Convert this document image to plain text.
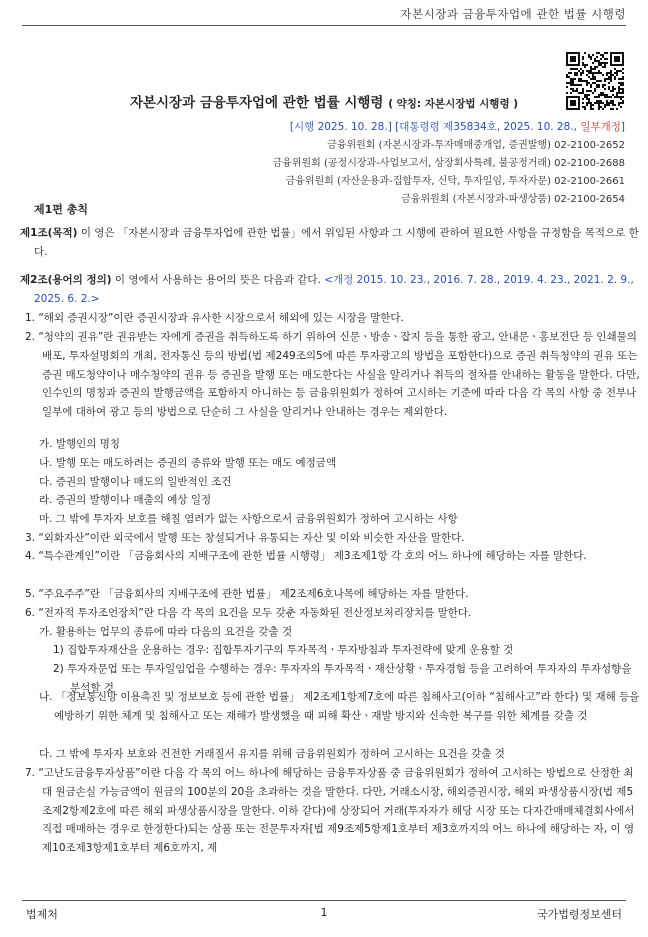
자본시장과 금융투자업에 관한 법률 시행령
자본시장과 금융투자업에 관한 법률 시행령 ( 약칭: 자본시장법 시행령 )
[시행 2025. 10. 28.] [대통령령 제35834호, 2025. 10. 28., 일부개정]
금융위원회 (자본시장과-투자매매중개업, 증권발행) 02-2100-2652
금융위원회 (공정시장과-사업보고서, 상장회사특례, 불공정거래) 02-2100-2688
금융위원회 (자산운용과-집합투자, 신탁, 투자일임, 투자자문) 02-2100-2661
금융위원회 (자본시장과-파생상품) 02-2100-2654
제1편 총칙
제1조(목적) 이 영은 「자본시장과 금융투자업에 관한 법률」에서 위임된 사항과 그 시행에 관하여 필요한 사항을 규정함을 목적으로 한다.
제2조(용어의 정의) 이 영에서 사용하는 용어의 뜻은 다음과 같다. <개정 2015. 10. 23., 2016. 7. 28., 2019. 4. 23., 2021. 2. 9., 2025. 6. 2.>
1. “해외 증권시장”이란 증권시장과 유사한 시장으로서 해외에 있는 시장을 말한다.
2. “청약의 권유”란 권유받는 자에게 증권을 취득하도록 하기 위하여 신문ㆍ방송ㆍ잡지 등을 통한 광고, 안내문ㆍ홍보전단 등 인쇄물의 배포, 투자설명회의 개최, 전자통신 등의 방법(법 제249조의5에 따른 투자광고의 방법을 포함한다)으로 증권 취득청약의 권유 또는 증권 매도청약이나 매수청약의 권유 등 증권을 발행 또는 매도한다는 사실을 알리거나 취득의 절차를 안내하는 활동을 말한다. 다만, 인수인의 명칭과 증권의 발행금액을 포함하지 아니하는 등 금융위원회가 정하여 고시하는 기준에 따라 다음 각 목의 사항 중 전부나 일부에 대하여 광고 등의 방법으로 단순히 그 사실을 알리거나 안내하는 경우는 제외한다.
가. 발행인의 명칭
나. 발행 또는 매도하려는 증권의 종류와 발행 또는 매도 예정금액
다. 증권의 발행이나 매도의 일반적인 조건
라. 증권의 발행이나 매출의 예상 일정
마. 그 밖에 투자자 보호를 해칠 염려가 없는 사항으로서 금융위원회가 정하여 고시하는 사항
3. “외화자산”이란 외국에서 발행 또는 창설되거나 유통되는 자산 및 이와 비슷한 자산을 말한다.
4. “특수관계인”이란 「금융회사의 지배구조에 관한 법률 시행령」 제3조제1항 각 호의 어느 하나에 해당하는 자를 말한다.
5. “주요주주”란 「금융회사의 지배구조에 관한 법률」 제2조제6호나목에 해당하는 자를 말한다.
6. “전자적 투자조언장치”란 다음 각 목의 요건을 모두 갖춘 자동화된 전산정보처리장치를 말한다.
가. 활용하는 업무의 종류에 따라 다음의 요건을 갖출 것
1) 집합투자재산을 운용하는 경우: 집합투자기구의 투자목적ㆍ투자방침과 투자전략에 맞게 운용할 것
2) 투자자문업 또는 투자일임업을 수행하는 경우: 투자자의 투자목적ㆍ재산상황ㆍ투자경험 등을 고려하여 투자자의 투자성향을 분석할 것
나. 「정보통신망 이용촉진 및 정보보호 등에 관한 법률」 제2조제1항제7호에 따른 침해사고(이하 “침해사고”라 한다) 및 재해 등을 예방하기 위한 체계 및 침해사고 또는 재해가 발생했을 때 피해 확산ㆍ재발 방지와 신속한 복구를 위한 체계를 갖출 것
다. 그 밖에 투자자 보호와 건전한 거래질서 유지를 위해 금융위원회가 정하여 고시하는 요건을 갖출 것
7. “고난도금융투자상품”이란 다음 각 목의 어느 하나에 해당하는 금융투자상품 중 금융위원회가 정하여 고시하는 방법으로 산정한 최대 원금손실 가능금액이 원금의 100분의 20을 초과하는 것을 말한다. 다만, 거래소시장, 해외증권시장, 해외 파생상품시장(법 제5조제2항제2호에 따른 해외 파생상품시장을 말한다. 이하 같다)에 상장되어 거래(투자자가 해당 시장 또는 다자간매매체결회사에서 직접 매매하는 경우로 한정한다)되는 상품 또는 전문투자자[법 제9조제5항제1호부터 제3호까지의 어느 하나에 해당하는 자, 이 영 제10조제3항제1호부터 제6호까지, 제
법제처	1	국가법령정보센터
